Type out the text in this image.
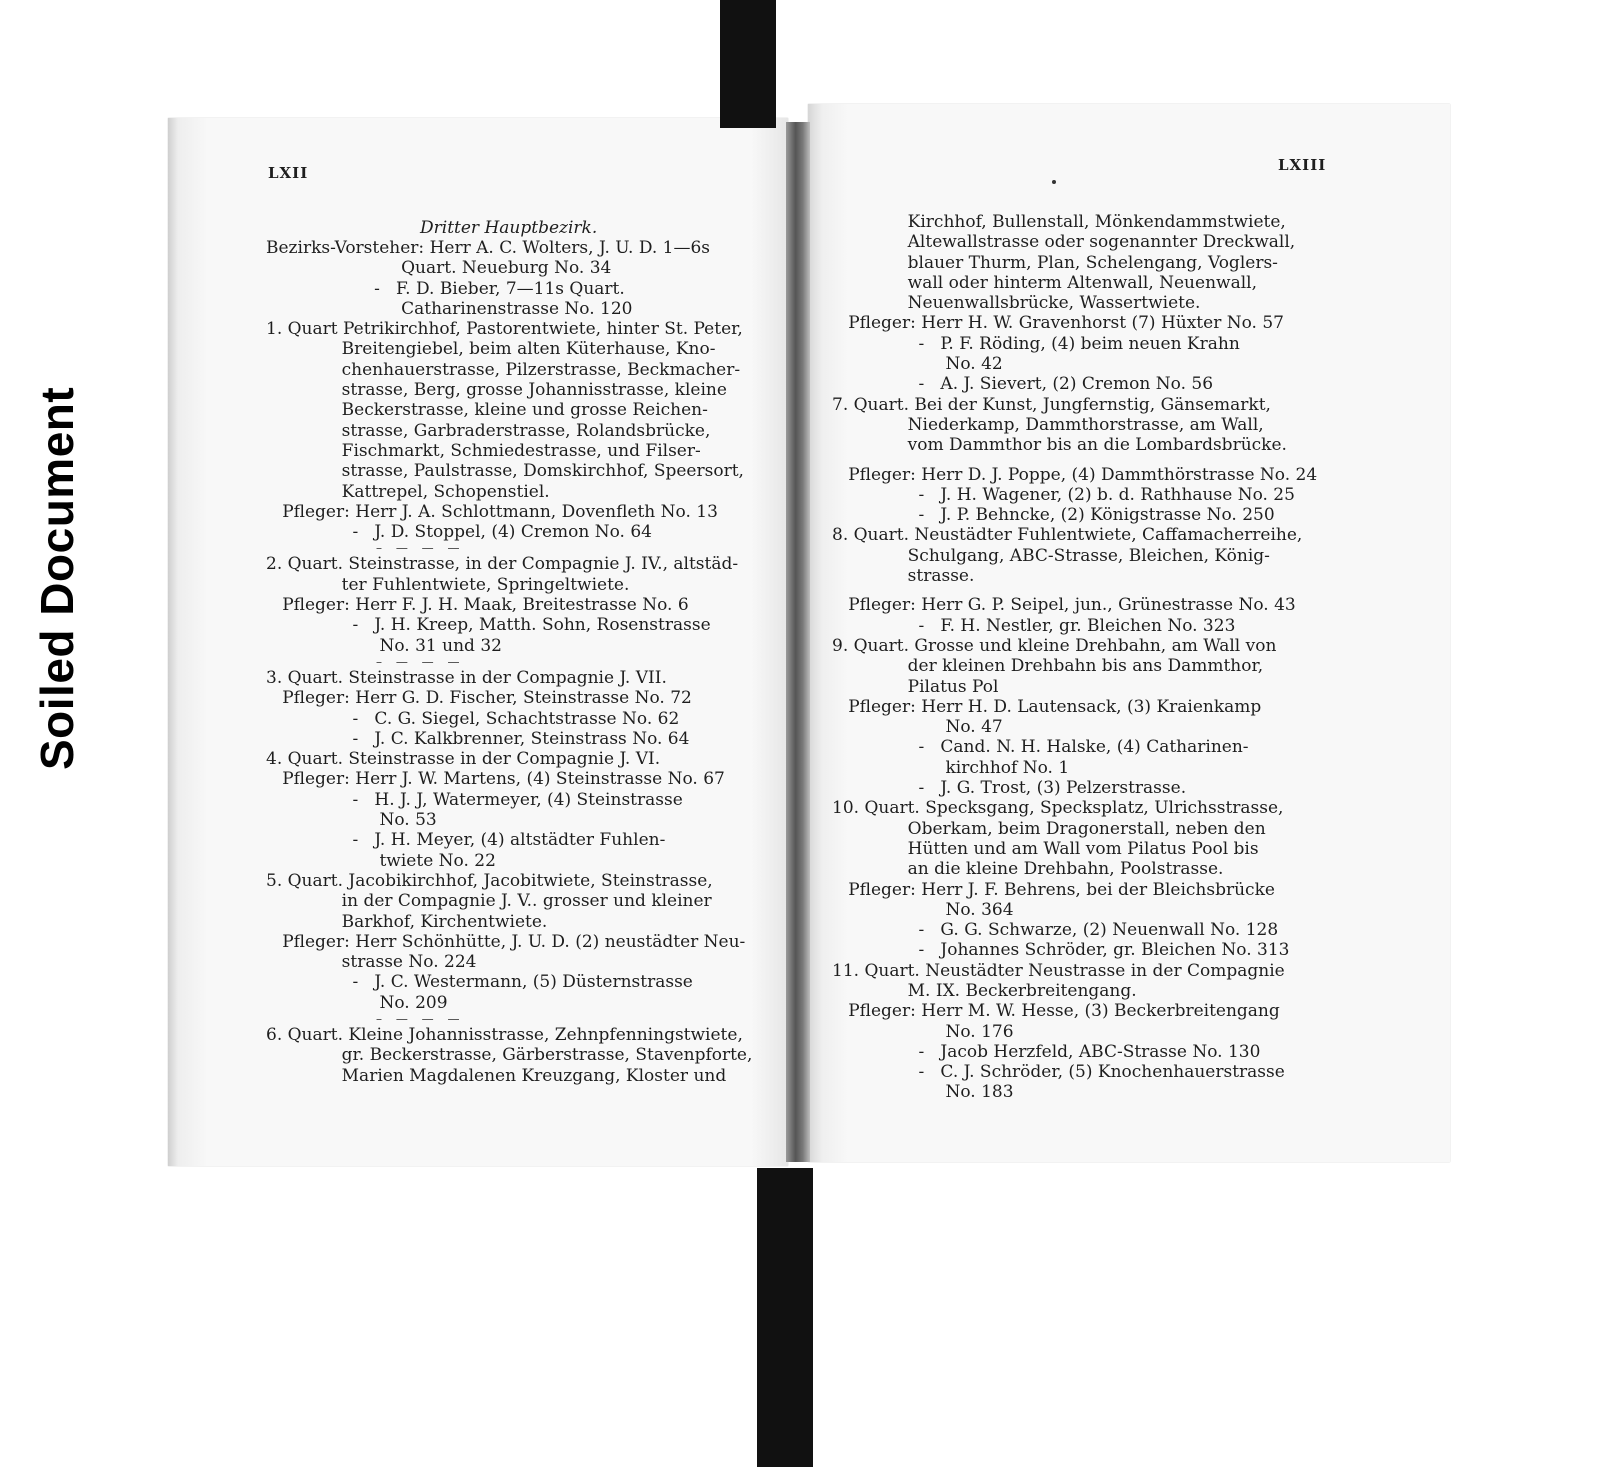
Soiled Document
LXII	LXIII
Dritter Hauptbezirk.
Bezirks-Vorsteher: Herr A. C. Wolters, J. U. D. 1—6s
Quart. Neueburg No. 34
-   F. D. Bieber, 7—11s Quart.
Catharinenstrasse No. 120
1. Quart Petrikirchhof, Pastorentwiete, hinter St. Peter,
Breitengiebel, beim alten Küterhause, Kno-
chenhauerstrasse, Pilzerstrasse, Beckmacher-
strasse, Berg, grosse Johannisstrasse, kleine
Beckerstrasse, kleine und grosse Reichen-
strasse, Garbraderstrasse, Rolandsbrücke,
Fischmarkt, Schmiedestrasse, und Filser-
strasse, Paulstrasse, Domskirchhof, Speersort,
Kattrepel, Schopenstiel.
Pfleger: Herr J. A. Schlottmann, Dovenfleth No. 13
-   J. D. Stoppel, (4) Cremon No. 64
– — — —
2. Quart. Steinstrasse, in der Compagnie J. IV., altstäd-
ter Fuhlentwiete, Springeltwiete.
Pfleger: Herr F. J. H. Maak, Breitestrasse No. 6
-   J. H. Kreep, Matth. Sohn, Rosenstrasse
No. 31 und 32
– — — —
3. Quart. Steinstrasse in der Compagnie J. VII.
Pfleger: Herr G. D. Fischer, Steinstrasse No. 72
-   C. G. Siegel, Schachtstrasse No. 62
-   J. C. Kalkbrenner, Steinstrass No. 64
4. Quart. Steinstrasse in der Compagnie J. VI.
Pfleger: Herr J. W. Martens, (4) Steinstrasse No. 67
-   H. J. J, Watermeyer, (4) Steinstrasse
No. 53
-   J. H. Meyer, (4) altstädter Fuhlen-
twiete No. 22
5. Quart. Jacobikirchhof, Jacobitwiete, Steinstrasse,
in der Compagnie J. V.. grosser und kleiner
Barkhof, Kirchentwiete.
Pfleger: Herr Schönhütte, J. U. D. (2) neustädter Neu-
strasse No. 224
-   J. C. Westermann, (5) Düsternstrasse
No. 209
– — — —
6. Quart. Kleine Johannisstrasse, Zehnpfenningstwiete,
gr. Beckerstrasse, Gärberstrasse, Stavenpforte,
Marien Magdalenen Kreuzgang, Kloster und
Kirchhof, Bullenstall, Mönkendammstwiete,
Altewallstrasse oder sogenannter Dreckwall,
blauer Thurm, Plan, Schelengang, Voglers-
wall oder hinterm Altenwall, Neuenwall,
Neuenwallsbrücke, Wassertwiete.
Pfleger: Herr H. W. Gravenhorst (7) Hüxter No. 57
-   P. F. Röding, (4) beim neuen Krahn
No. 42
-   A. J. Sievert, (2) Cremon No. 56
7. Quart. Bei der Kunst, Jungfernstig, Gänsemarkt,
Niederkamp, Dammthorstrasse, am Wall,
vom Dammthor bis an die Lombardsbrücke.
Pfleger: Herr D. J. Poppe, (4) Dammthörstrasse No. 24
-   J. H. Wagener, (2) b. d. Rathhause No. 25
-   J. P. Behncke, (2) Königstrasse No. 250
8. Quart. Neustädter Fuhlentwiete, Caffamacherreihe,
Schulgang, ABC-Strasse, Bleichen, König-
strasse.
Pfleger: Herr G. P. Seipel, jun., Grünestrasse No. 43
-   F. H. Nestler, gr. Bleichen No. 323
9. Quart. Grosse und kleine Drehbahn, am Wall von
der kleinen Drehbahn bis ans Dammthor,
Pilatus Pol
Pfleger: Herr H. D. Lautensack, (3) Kraienkamp
No. 47
-   Cand. N. H. Halske, (4) Catharinen-
kirchhof No. 1
-   J. G. Trost, (3) Pelzerstrasse.
10. Quart. Specksgang, Specksplatz, Ulrichsstrasse,
Oberkam, beim Dragonerstall, neben den
Hütten und am Wall vom Pilatus Pool bis
an die kleine Drehbahn, Poolstrasse.
Pfleger: Herr J. F. Behrens, bei der Bleichsbrücke
No. 364
-   G. G. Schwarze, (2) Neuenwall No. 128
-   Johannes Schröder, gr. Bleichen No. 313
11. Quart. Neustädter Neustrasse in der Compagnie
M. IX. Beckerbreitengang.
Pfleger: Herr M. W. Hesse, (3) Beckerbreitengang
No. 176
-   Jacob Herzfeld, ABC-Strasse No. 130
-   C. J. Schröder, (5) Knochenhauerstrasse
No. 183
